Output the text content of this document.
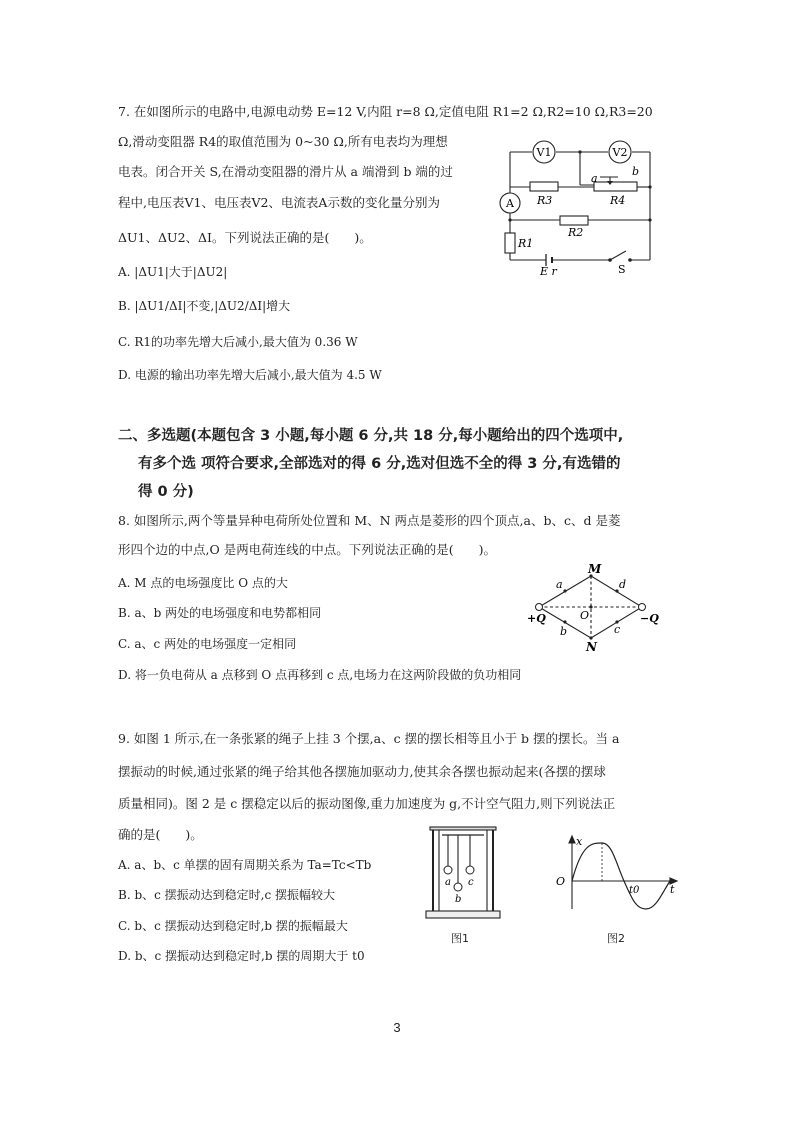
7. 在如图所示的电路中,电源电动势 E=12 V,内阻 r=8 Ω,定值电阻 R1=2 Ω,R2=10 Ω,R3=20
Ω,滑动变阻器 R4的取值范围为 0~30 Ω,所有电表均为理想
电表。闭合开关 S,在滑动变阻器的滑片从 a 端滑到 b 端的过
程中,电压表V1、电压表V2、电流表A示数的变化量分别为
ΔU1、ΔU2、ΔI。下列说法正确的是(　　)。
A. |ΔU1|大于|ΔU2|
B. |ΔU1/ΔI|不变,|ΔU2/ΔI|增大
C. R1的功率先增大后减小,最大值为 0.36 W
D. 电源的输出功率先增大后减小,最大值为 4.5 W
V1	V2
a
b
R3	R4
A
R2
R1
E r	S
二、多选题(本题包含 3 小题,每小题 6 分,共 18 分,每小题给出的四个选项中,
有多个选 项符合要求,全部选对的得 6 分,选对但选不全的得 3 分,有选错的
得 0 分)
8. 如图所示,两个等量异种电荷所处位置和 M、N 两点是菱形的四个顶点,a、b、c、d 是菱
形四个边的中点,O 是两电荷连线的中点。下列说法正确的是(　　)。
A. M 点的电场强度比 O 点的大
B. a、b 两处的电场强度和电势都相同
C. a、c 两处的电场强度一定相同
D. 将一负电荷从 a 点移到 O 点再移到 c 点,电场力在这两阶段做的负功相同
M
N
O
a
b	c
d
+Q	−Q
9. 如图 1 所示,在一条张紧的绳子上挂 3 个摆,a、c 摆的摆长相等且小于 b 摆的摆长。当 a
摆振动的时候,通过张紧的绳子给其他各摆施加驱动力,使其余各摆也振动起来(各摆的摆球
质量相同)。图 2 是 c 摆稳定以后的振动图像,重力加速度为 g,不计空气阻力,则下列说法正
确的是(　　)。
A. a、b、c 单摆的固有周期关系为 Ta=Tc<Tb
B. b、c 摆振动达到稳定时,c 摆振幅较大
C. b、c 摆振动达到稳定时,b 摆的振幅最大
D. b、c 摆振动达到稳定时,b 摆的周期大于 t0
a
b
c
图1
x
O
t0	t
图2
3
